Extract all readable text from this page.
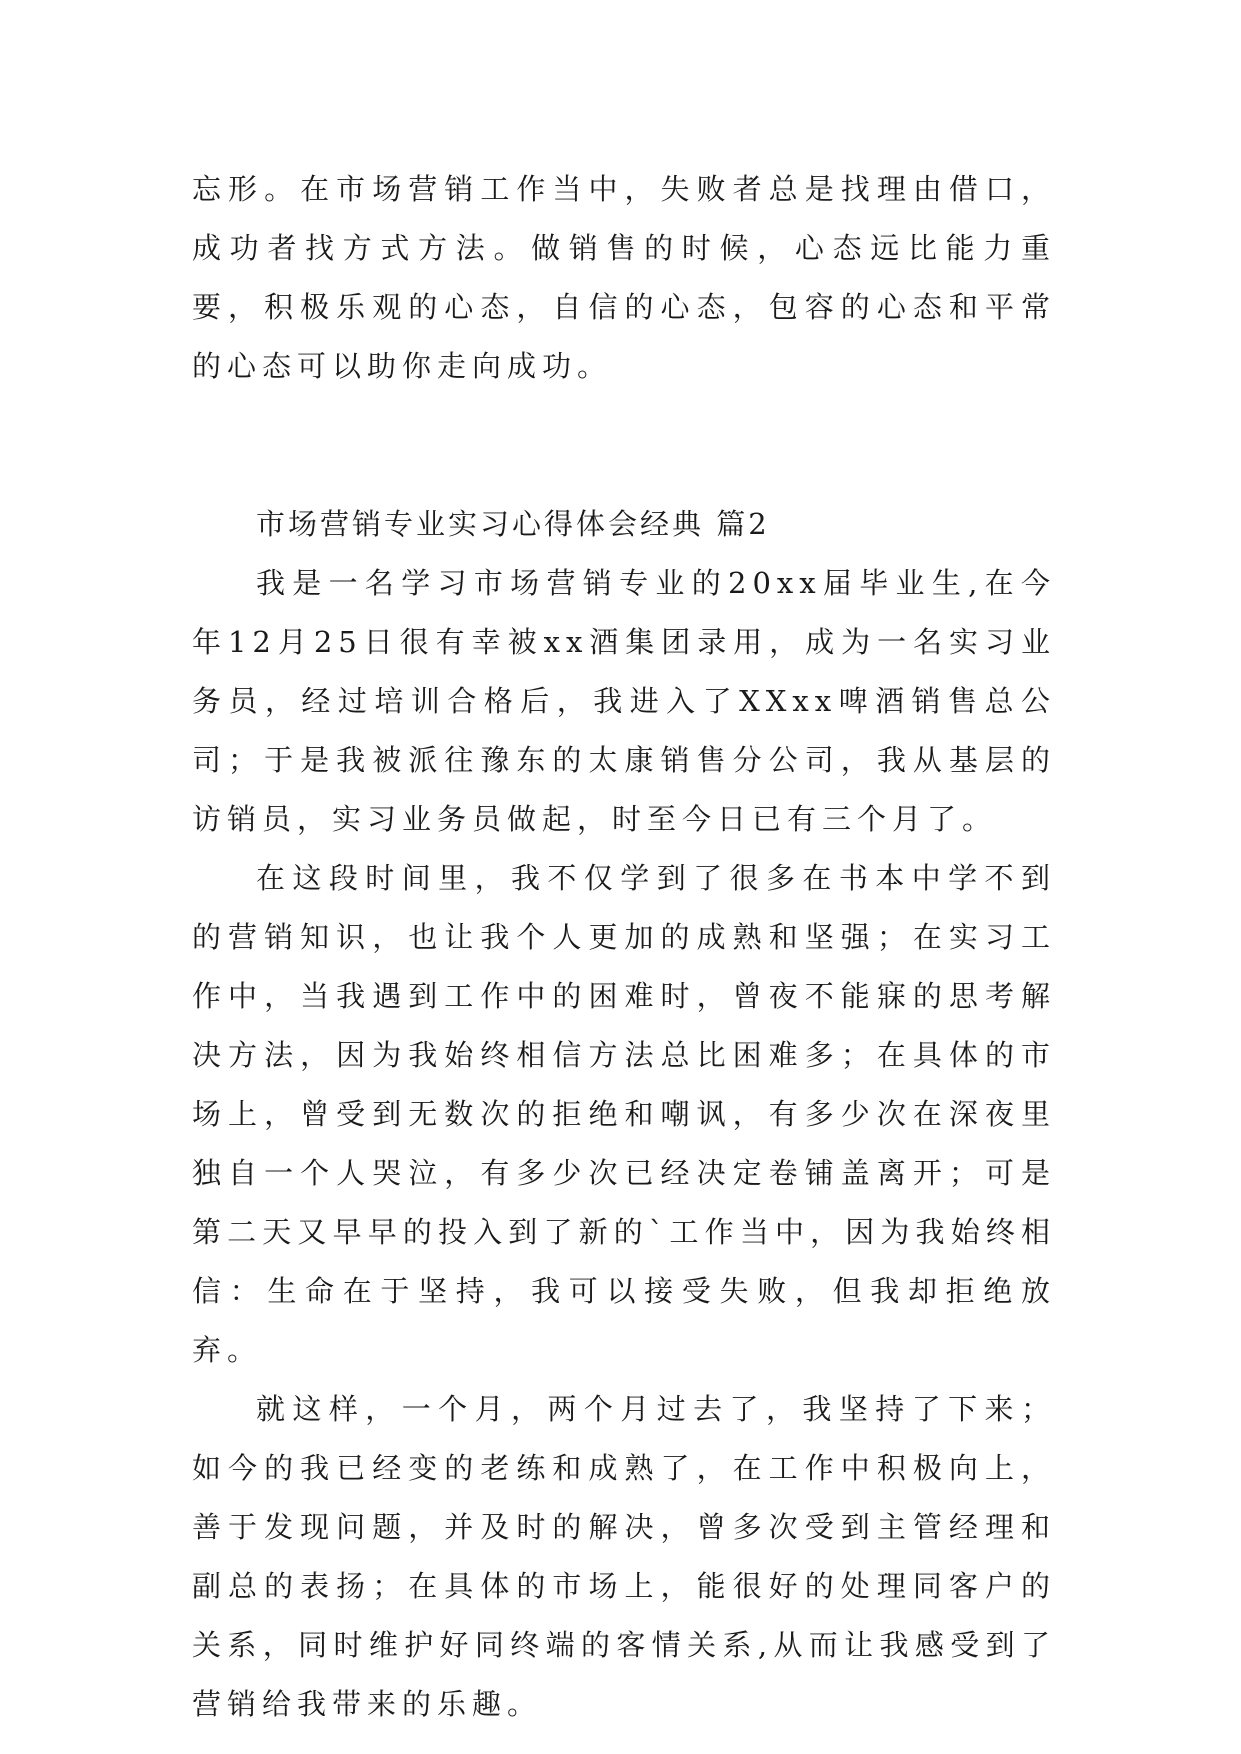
忘形。在市场营销工作当中，失败者总是找理由借口，成功者找方式方法。做销售的时候，心态远比能力重要，积极乐观的心态，自信的心态，包容的心态和平常的心态可以助你走向成功。

市场营销专业实习心得体会经典 篇2

我是一名学习市场营销专业的20xx届毕业生,在今年12月25日很有幸被xx酒集团录用，成为一名实习业务员，经过培训合格后，我进入了XXxx啤酒销售总公司；于是我被派往豫东的太康销售分公司，我从基层的访销员，实习业务员做起，时至今日已有三个月了。

在这段时间里，我不仅学到了很多在书本中学不到的营销知识，也让我个人更加的成熟和坚强；在实习工作中，当我遇到工作中的困难时，曾夜不能寐的思考解决方法，因为我始终相信方法总比困难多；在具体的市场上，曾受到无数次的拒绝和嘲讽，有多少次在深夜里独自一个人哭泣，有多少次已经决定卷铺盖离开；可是第二天又早早的投入到了新的`工作当中，因为我始终相信：生命在于坚持，我可以接受失败，但我却拒绝放弃。

就这样，一个月，两个月过去了，我坚持了下来；如今的我已经变的老练和成熟了，在工作中积极向上，善于发现问题，并及时的解决，曾多次受到主管经理和副总的表扬；在具体的市场上，能很好的处理同客户的关系，同时维护好同终端的客情关系,从而让我感受到了营销给我带来的乐趣。
